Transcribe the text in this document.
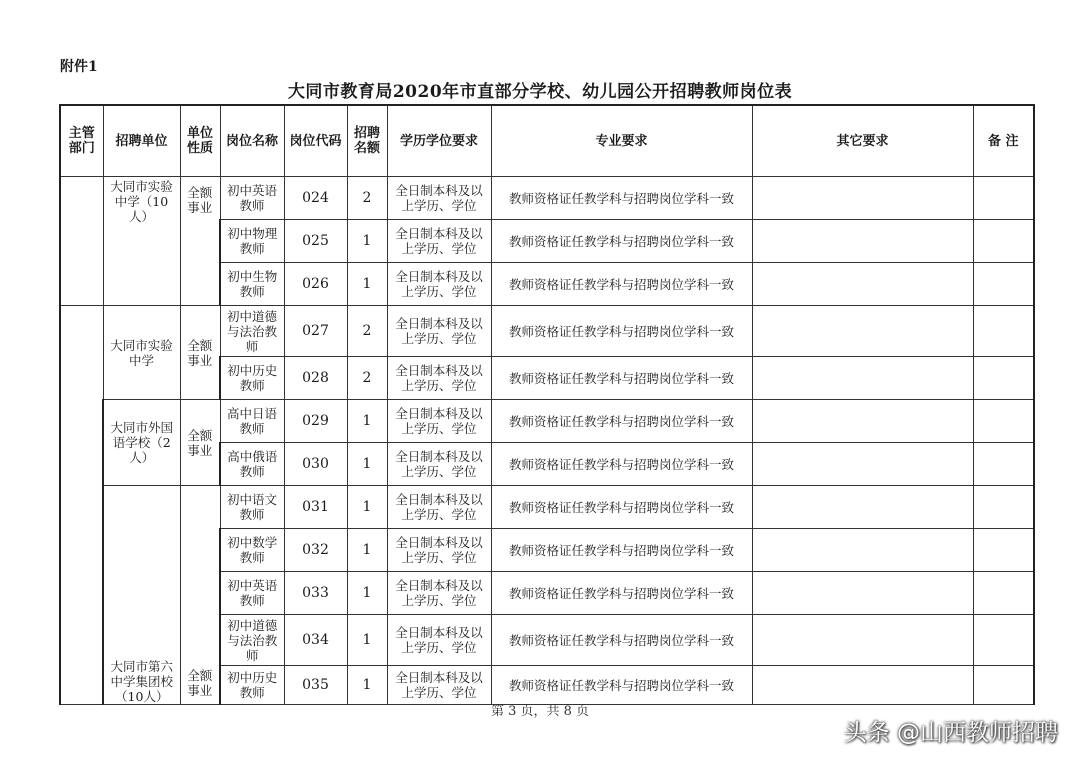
附件1
大同市教育局2020年市直部分学校、幼儿园公开招聘教师岗位表
主管部门	招聘单位	单位性质	岗位名称	岗位代码	招聘名额	学历学位要求	专业要求	其它要求	备 注
	大同市实验中学（10人）	全额事业	初中英语教师	024	2	全日制本科及以上学历、学位	教师资格证任教学科与招聘岗位学科一致		
			初中物理教师	025	1	全日制本科及以上学历、学位	教师资格证任教学科与招聘岗位学科一致		
			初中生物教师	026	1	全日制本科及以上学历、学位	教师资格证任教学科与招聘岗位学科一致		
	大同市实验中学	全额事业	初中道德与法治教师	027	2	全日制本科及以上学历、学位	教师资格证任教学科与招聘岗位学科一致		
			初中历史教师	028	2	全日制本科及以上学历、学位	教师资格证任教学科与招聘岗位学科一致		
	大同市外国语学校（2人）	全额事业	高中日语教师	029	1	全日制本科及以上学历、学位	教师资格证任教学科与招聘岗位学科一致		
			高中俄语教师	030	1	全日制本科及以上学历、学位	教师资格证任教学科与招聘岗位学科一致		
	大同市第六中学集团校（10人）	全额事业	初中语文教师	031	1	全日制本科及以上学历、学位	教师资格证任教学科与招聘岗位学科一致		
			初中数学教师	032	1	全日制本科及以上学历、学位	教师资格证任教学科与招聘岗位学科一致		
			初中英语教师	033	1	全日制本科及以上学历、学位	教师资格证任教学科与招聘岗位学科一致		
			初中道德与法治教师	034	1	全日制本科及以上学历、学位	教师资格证任教学科与招聘岗位学科一致		
			初中历史教师	035	1	全日制本科及以上学历、学位	教师资格证任教学科与招聘岗位学科一致		
第 3 页，共 8 页
头条 @山西教师招聘
